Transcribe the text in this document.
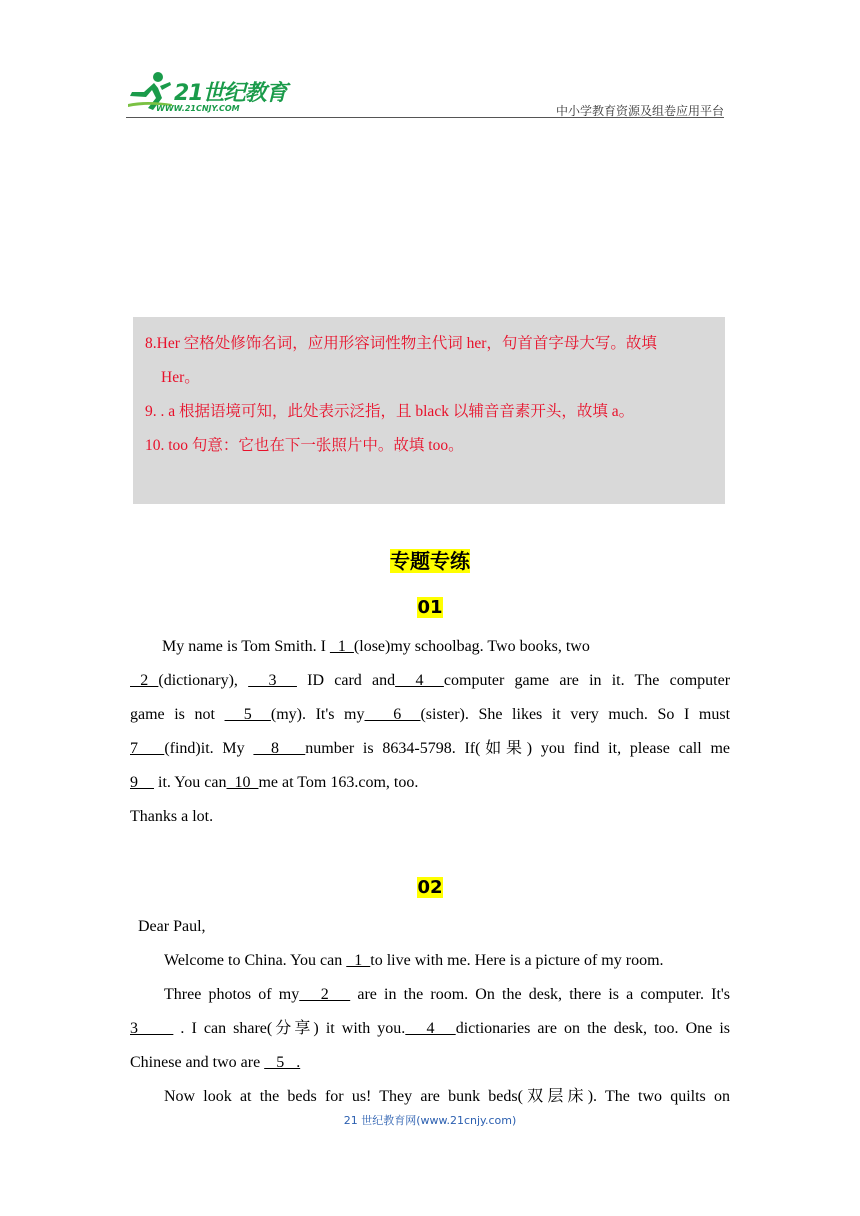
21世纪教育
WWW.21CNJY.COM	中小学教育资源及组卷应用平台

8.Her 空格处修饰名词，应用形容词性物主代词 her，句首首字母大写。故填

Her。

9. . a 根据语境可知，此处表示泛指，且 black 以辅音音素开头，故填 a。

10. too 句意：它也在下一张照片中。故填 too。

专题专练
01

My name is Tom Smith. I   1  (lose)my schoolbag. Two books, two

2 (dictionary),   3   ID card and  4  computer game are in it. The computer

game is not   5  (my). It's my   6  (sister). She likes it very much. So I must

7   (find)it. My   8   number is 8634-5798. If(如果) you find it, please call me

9     it. You can  10  me at Tom 163.com, too.

Thanks a lot.

02

Dear Paul,

Welcome to China. You can   1  to live with me. Here is a picture of my room.

Three photos of my   2    are in the room. On the desk, there is a computer. It's

3      . I can share(分享) it with you.   4   dictionaries are on the desk, too. One is

Chinese and two are    5   .

Now look at the beds for us! They are bunk beds(双层床). The two quilts on

21 世纪教育网(www.21cnjy.com)
